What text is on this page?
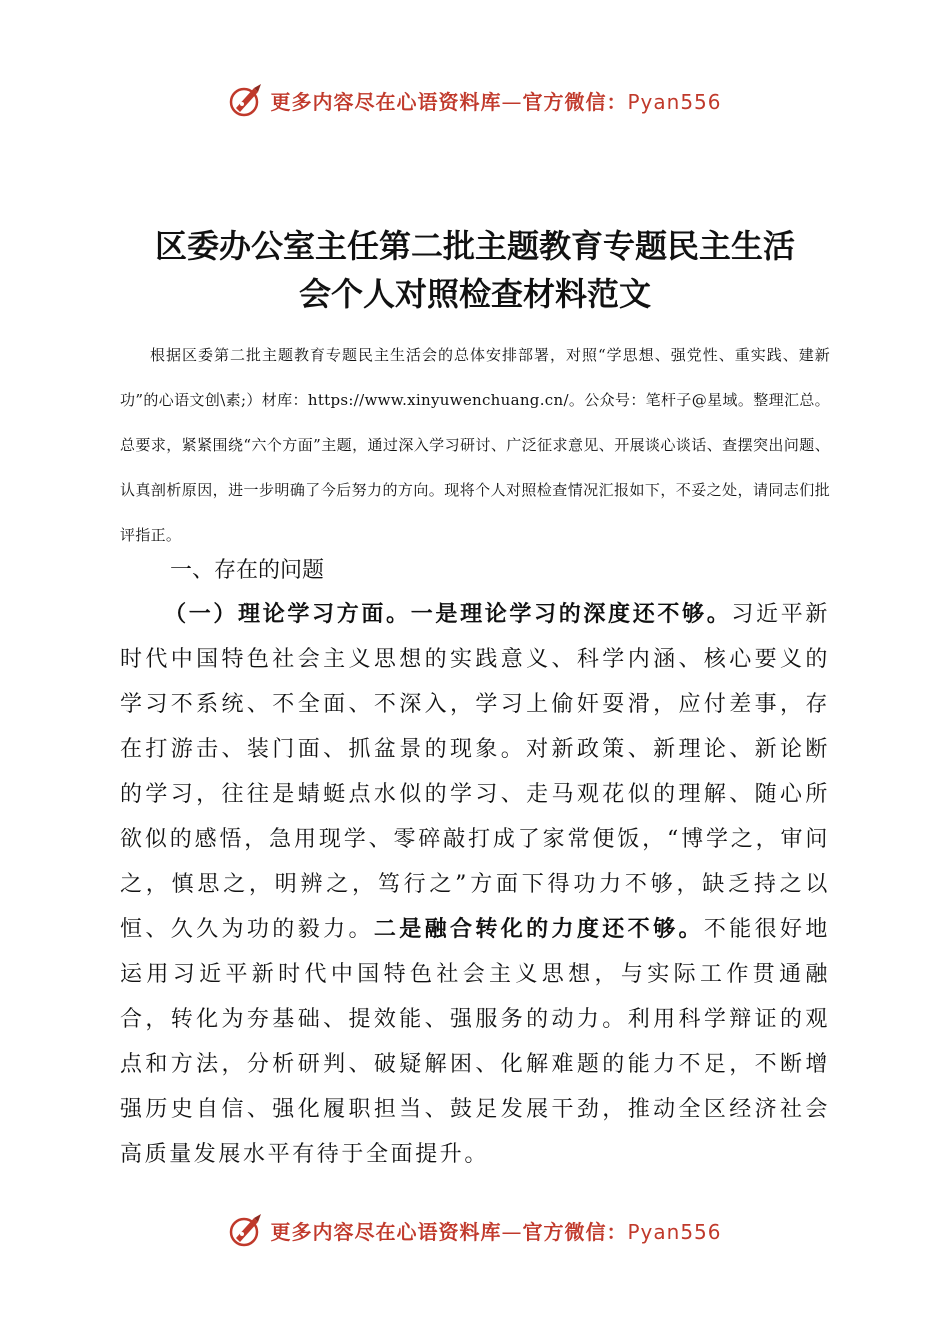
更多内容尽在心语资料库—官方微信：Pyan556
区委办公室主任第二批主题教育专题民主生活
会个人对照检查材料范文
根据区委第二批主题教育专题民主生活会的总体安排部署，对照“学思想、强党性、重实践、建新功”的心语文创\素;）材库：https://www.xinyuwenchuang.cn/。公众号：笔杆子@星域。整理汇总。总要求，紧紧围绕“六个方面”主题，通过深入学习研讨、广泛征求意见、开展谈心谈话、查摆突出问题、认真剖析原因，进一步明确了今后努力的方向。现将个人对照检查情况汇报如下，不妥之处，请同志们批评指正。
一、存在的问题
（一）理论学习方面。一是理论学习的深度还不够。习近平新时代中国特色社会主义思想的实践意义、科学内涵、核心要义的学习不系统、不全面、不深入，学习上偷奸耍滑，应付差事，存在打游击、装门面、抓盆景的现象。对新政策、新理论、新论断的学习，往往是蜻蜓点水似的学习、走马观花似的理解、随心所欲似的感悟，急用现学、零碎敲打成了家常便饭，“博学之，审问之，慎思之，明辨之，笃行之”方面下得功力不够，缺乏持之以恒、久久为功的毅力。二是融合转化的力度还不够。不能很好地运用习近平新时代中国特色社会主义思想，与实际工作贯通融合，转化为夯基础、提效能、强服务的动力。利用科学辩证的观点和方法，分析研判、破疑解困、化解难题的能力不足，不断增强历史自信、强化履职担当、鼓足发展干劲，推动全区经济社会高质量发展水平有待于全面提升。
更多内容尽在心语资料库—官方微信：Pyan556
